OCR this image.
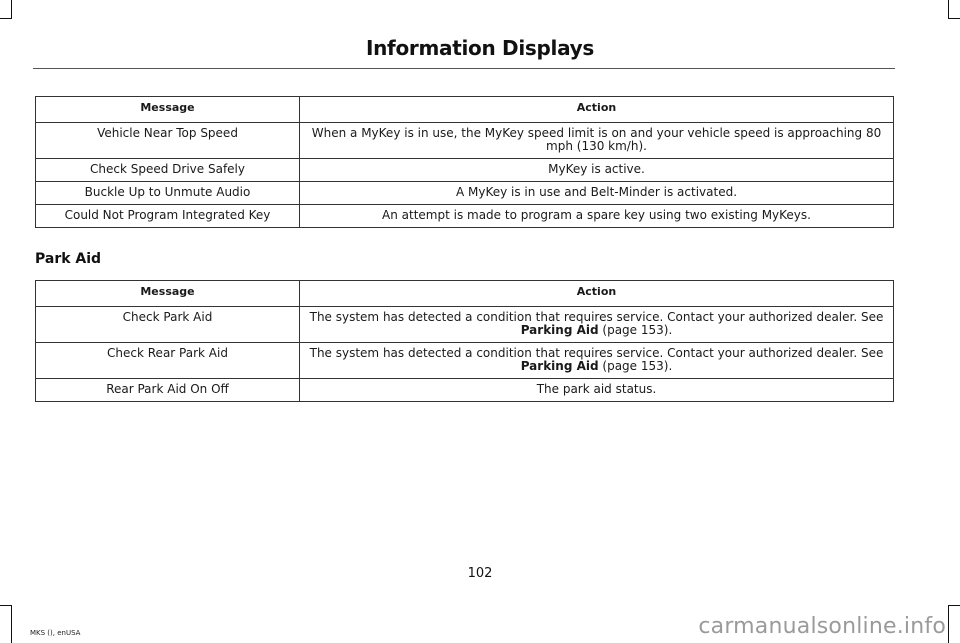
Information Displays
Message	Action
Vehicle Near Top Speed	When a MyKey is in use, the MyKey speed limit is on and your vehicle speed is approaching 80 mph (130 km/h).
Check Speed Drive Safely	MyKey is active.
Buckle Up to Unmute Audio	A MyKey is in use and Belt-Minder is activated.
Could Not Program Integrated Key	An attempt is made to program a spare key using two existing MyKeys.
Park Aid
Message	Action
Check Park Aid	The system has detected a condition that requires service. Contact your authorized dealer. See Parking Aid (page 153).
Check Rear Park Aid	The system has detected a condition that requires service. Contact your authorized dealer. See Parking Aid (page 153).
Rear Park Aid On Off	The park aid status.
102
MKS (), enUSA	carmanualsonline.info
